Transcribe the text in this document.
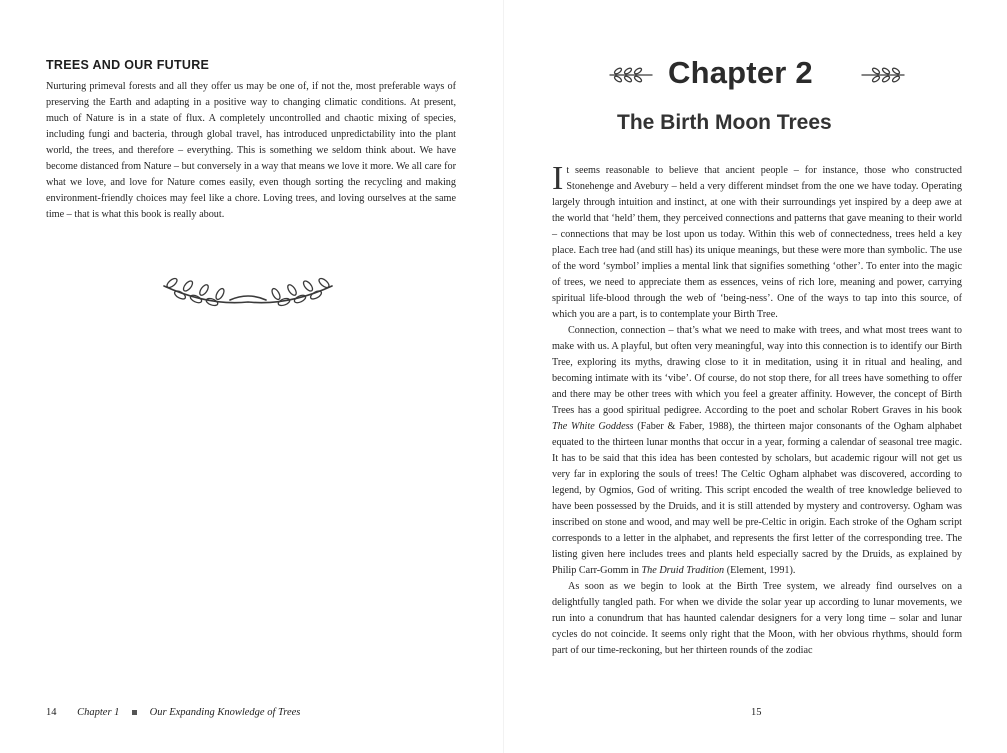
TREES AND OUR FUTURE

Nurturing primeval forests and all they offer us may be one of, if not the, most preferable ways of preserving the Earth and adapting in a positive way to changing climatic conditions. At present, much of Nature is in a state of flux. A completely uncontrolled and chaotic mixing of species, including fungi and bacteria, through global travel, has introduced unpredictability into the plant world, the trees, and therefore – everything. This is something we seldom think about. We have become distanced from Nature – but conversely in a way that means we love it more. We all care for what we love, and love for Nature comes easily, even though sorting the recycling and making environment-friendly choices may feel like a chore. Loving trees, and loving ourselves at the same time – that is what this book is really about.

14 Chapter 1	Our Expanding Knowledge of Trees
Chapter 2
The Birth Moon Trees

It seems reasonable to believe that ancient people – for instance, those who constructed Stonehenge and Avebury – held a very different mindset from the one we have today. Operating largely through intuition and instinct, at one with their surroundings yet inspired by a deep awe at the world that ‘held’ them, they perceived connections and patterns that gave meaning to their world – connections that may be lost upon us today. Within this web of connectedness, trees held a key place. Each tree had (and still has) its unique meanings, but these were more than symbolic. The use of the word ‘symbol’ implies a mental link that signifies something ‘other’. To enter into the magic of trees, we need to appreciate them as essences, veins of rich lore, meaning and power, carrying spiritual life-blood through the web of ‘being-ness’. One of the ways to tap into this source, of which you are a part, is to contemplate your Birth Tree.

Connection, connection – that’s what we need to make with trees, and what most trees want to make with us. A playful, but often very meaningful, way into this connection is to identify our Birth Tree, exploring its myths, drawing close to it in meditation, using it in ritual and healing, and becoming intimate with its ‘vibe’. Of course, do not stop there, for all trees have something to offer and there may be other trees with which you feel a greater affinity. However, the concept of Birth Trees has a good spiritual pedigree. According to the poet and scholar Robert Graves in his book The White Goddess (Faber & Faber, 1988), the thirteen major consonants of the Ogham alphabet equated to the thirteen lunar months that occur in a year, forming a calendar of seasonal tree magic. It has to be said that this idea has been contested by scholars, but academic rigour will not get us very far in exploring the souls of trees! The Celtic Ogham alphabet was discovered, according to legend, by Ogmios, God of writing. This script encoded the wealth of tree knowledge believed to have been possessed by the Druids, and it is still attended by mystery and controversy. Ogham was inscribed on stone and wood, and may well be pre-Celtic in origin. Each stroke of the Ogham script corresponds to a letter in the alphabet, and represents the first letter of the corresponding tree. The listing given here includes trees and plants held especially sacred by the Druids, as explained by Philip Carr-Gomm in The Druid Tradition (Element, 1991).

As soon as we begin to look at the Birth Tree system, we already find ourselves on a delightfully tangled path. For when we divide the solar year up according to lunar movements, we run into a conundrum that has haunted calendar designers for a very long time – solar and lunar cycles do not coincide. It seems only right that the Moon, with her obvious rhythms, should form part of our time-reckoning, but her thirteen rounds of the zodiac

15
